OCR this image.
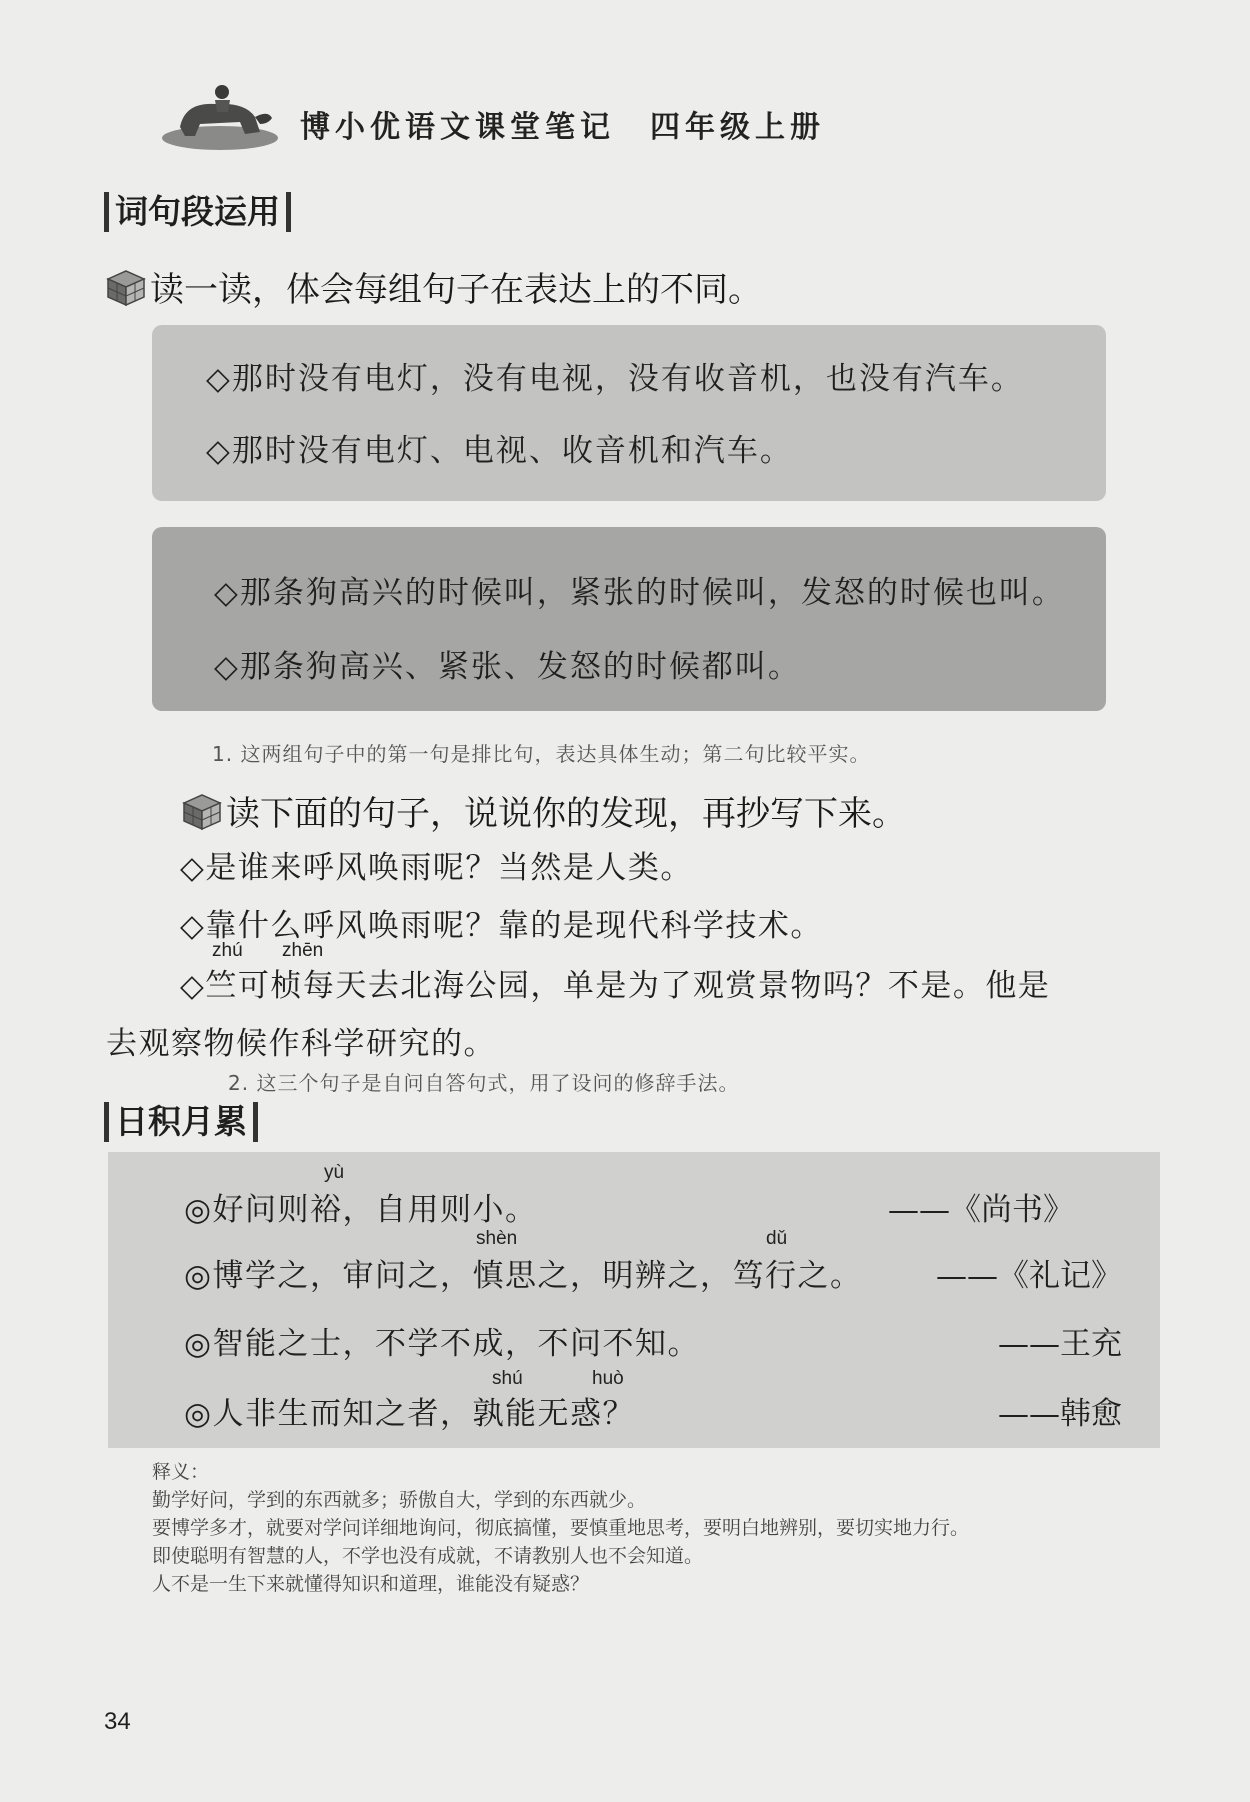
博小优语文课堂笔记　四年级上册
词句段运用
读一读，体会每组句子在表达上的不同。
◇那时没有电灯，没有电视，没有收音机，也没有汽车。
◇那时没有电灯、电视、收音机和汽车。
◇那条狗高兴的时候叫，紧张的时候叫，发怒的时候也叫。
◇那条狗高兴、紧张、发怒的时候都叫。
1. 这两组句子中的第一句是排比句，表达具体生动；第二句比较平实。
读下面的句子，说说你的发现，再抄写下来。
◇是谁来呼风唤雨呢？当然是人类。
◇靠什么呼风唤雨呢？靠的是现代科学技术。
zhú zhēn
◇竺可桢每天去北海公园，单是为了观赏景物吗？不是。他是
去观察物候作科学研究的。
2. 这三个句子是自问自答句式，用了设问的修辞手法。
日积月累
yù
◎好问则裕，自用则小。	——《尚书》
shèn	dǔ
◎博学之，审问之，慎思之，明辨之，笃行之。 ——《礼记》
◎智能之士，不学不成，不问不知。	——王充
shú	huò
◎人非生而知之者，孰能无惑？	——韩愈
释义：
勤学好问，学到的东西就多；骄傲自大，学到的东西就少。
要博学多才，就要对学问详细地询问，彻底搞懂，要慎重地思考，要明白地辨别，要切实地力行。
即使聪明有智慧的人，不学也没有成就，不请教别人也不会知道。
人不是一生下来就懂得知识和道理，谁能没有疑惑？
34
